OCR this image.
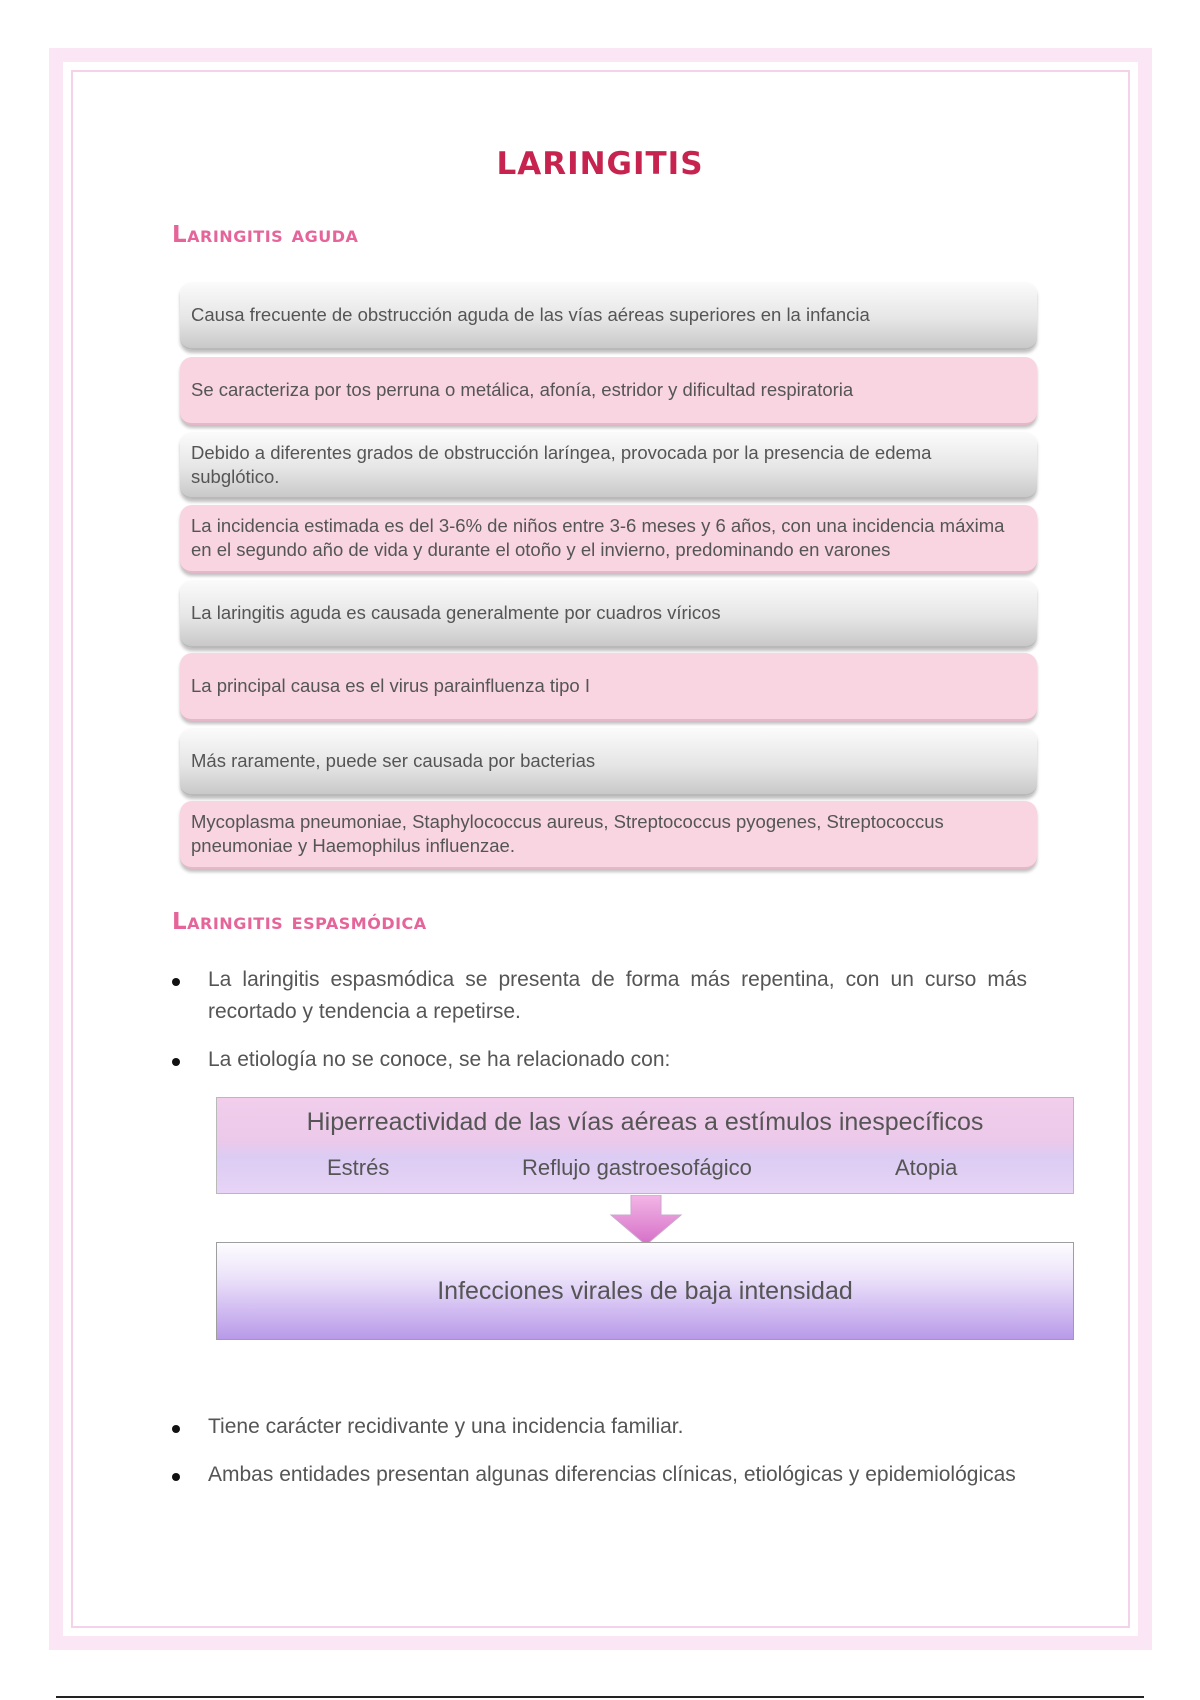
LARINGITIS
Laringitis aguda
Causa frecuente de obstrucción aguda de las vías aéreas superiores en la infancia
Se caracteriza por tos perruna o metálica, afonía, estridor y dificultad respiratoria
Debido a diferentes grados de obstrucción laríngea, provocada por la presencia de edema subglótico.
La incidencia estimada es del 3-6% de niños entre 3-6 meses y 6 años, con una incidencia máxima en el segundo año de vida y durante el otoño y el invierno, predominando en varones
La laringitis aguda es causada generalmente por cuadros víricos
La principal causa es el virus parainfluenza tipo I
Más raramente, puede ser causada por bacterias
Mycoplasma pneumoniae, Staphylococcus aureus, Streptococcus pyogenes, Streptococcus pneumoniae y Haemophilus influenzae.
Laringitis espasmódica
La laringitis espasmódica se presenta de forma más repentina, con un curso más recortado y tendencia a repetirse.
La etiología no se conoce, se ha relacionado con:
Hiperreactividad de las vías aéreas a estímulos inespecíficos
Estrés	Reflujo gastroesofágico	Atopia
Infecciones virales de baja intensidad
Tiene carácter recidivante y una incidencia familiar.
Ambas entidades presentan algunas diferencias clínicas, etiológicas y epidemiológicas
